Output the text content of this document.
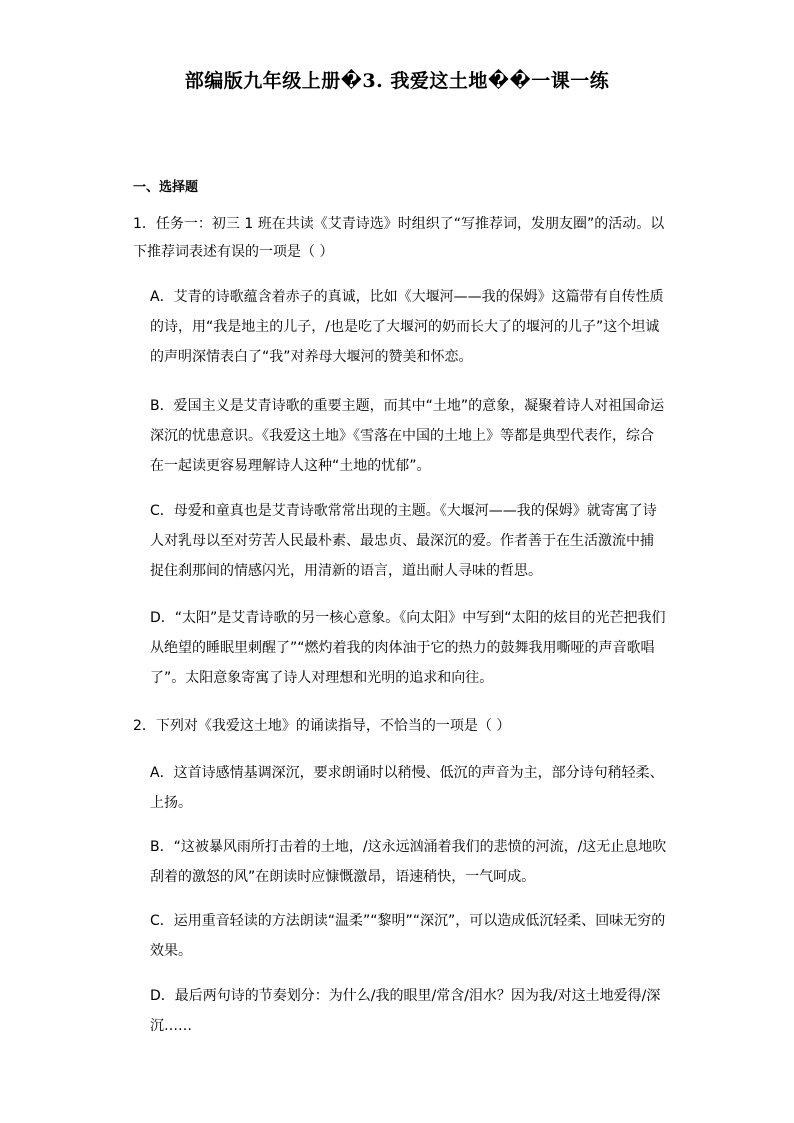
部编版九年级上册�3. 我爱这土地��一课一练
一、选择题
1．任务一：初三 1 班在共读《艾青诗选》时组织了“写推荐词，发朋友圈”的活动。以
下推荐词表述有误的一项是（ ）
A．艾青的诗歌蕴含着赤子的真诚，比如《大堰河——我的保姆》这篇带有自传性质
的诗，用“我是地主的儿子，/也是吃了大堰河的奶而长大了的堰河的儿子”这个坦诚
的声明深情表白了“我”对养母大堰河的赞美和怀恋。
B．爱国主义是艾青诗歌的重要主题，而其中“土地”的意象，凝聚着诗人对祖国命运
深沉的忧患意识。《我爱这土地》《雪落在中国的土地上》等都是典型代表作，综合
在一起读更容易理解诗人这种“土地的忧郁”。
C．母爱和童真也是艾青诗歌常常出现的主题。《大堰河——我的保姆》就寄寓了诗
人对乳母以至对劳苦人民最朴素、最忠贞、最深沉的爱。作者善于在生活激流中捕
捉住刹那间的情感闪光，用清新的语言，道出耐人寻味的哲思。
D．“太阳”是艾青诗歌的另一核心意象。《向太阳》中写到“太阳的炫目的光芒把我们
从绝望的睡眠里刺醒了”“燃灼着我的肉体油于它的热力的鼓舞我用嘶哑的声音歌唱
了”。太阳意象寄寓了诗人对理想和光明的追求和向往。
2．下列对《我爱这土地》的诵读指导，不恰当的一项是（ ）
A．这首诗感情基调深沉，要求朗诵时以稍慢、低沉的声音为主，部分诗句稍轻柔、
上扬。
B．“这被暴风雨所打击着的土地，/这永远汹涌着我们的悲愤的河流，/这无止息地吹
刮着的激怒的风”在朗读时应慷慨激昂，语速稍快，一气呵成。
C．运用重音轻读的方法朗读“温柔”“黎明”“深沉”，可以造成低沉轻柔、回味无穷的
效果。
D．最后两句诗的节奏划分：为什么/我的眼里/常含/泪水？因为我/对这土地爱得/深
沉……
